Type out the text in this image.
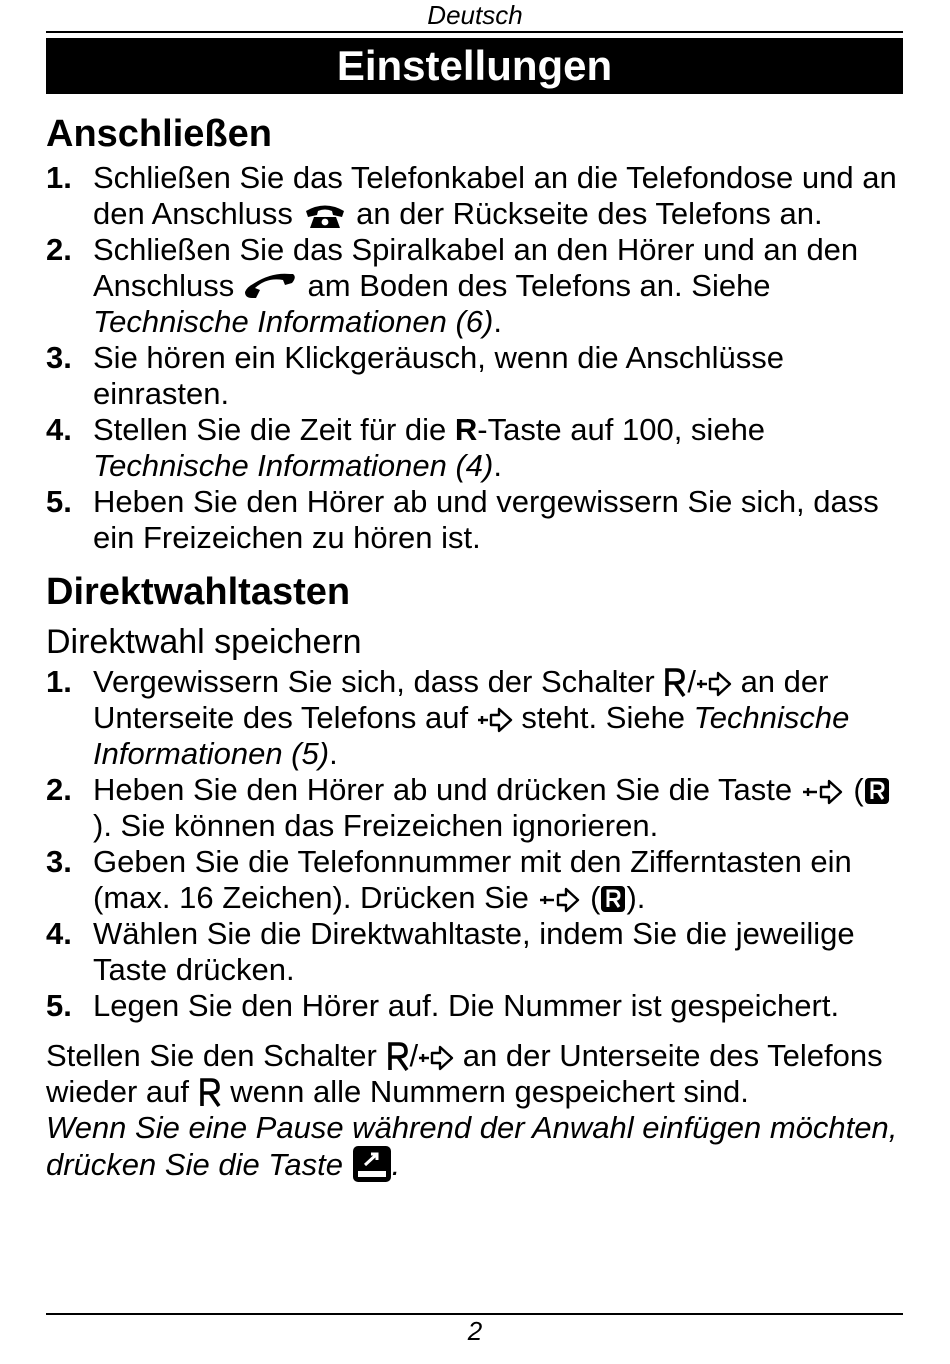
Deutsch
Einstellungen
Anschließen
1. Schließen Sie das Telefonkabel an die Telefondose und an den Anschluss  an der Rückseite des Telefons an.
2. Schließen Sie das Spiralkabel an den Hörer und an den Anschluss  am Boden des Telefons an. Siehe Technische Informationen (6).
3. Sie hören ein Klickgeräusch, wenn die Anschlüsse einrasten.
4. Stellen Sie die Zeit für die R-Taste auf 100, siehe Technische Informationen (4).
5. Heben Sie den Hörer ab und vergewissern Sie sich, dass ein Freizeichen zu hören ist.
Direktwahltasten
Direktwahl speichern
1. Vergewissern Sie sich, dass der Schalter / an der Unterseite des Telefons auf  steht. Siehe Technische Informationen (5).
2. Heben Sie den Hörer ab und drücken Sie die Taste  (). Sie können das Freizeichen ignorieren.
3. Geben Sie die Telefonnummer mit den Zifferntasten ein (max. 16 Zeichen). Drücken Sie  ( ).
4. Wählen Sie die Direktwahltaste, indem Sie die jeweilige Taste drücken.
5. Legen Sie den Hörer auf. Die Nummer ist gespeichert.
Stellen Sie den Schalter / an der Unterseite des Telefons wieder auf  wenn alle Nummern gespeichert sind.
Wenn Sie eine Pause während der Anwahl einfügen möchten, drücken Sie die Taste .
2
